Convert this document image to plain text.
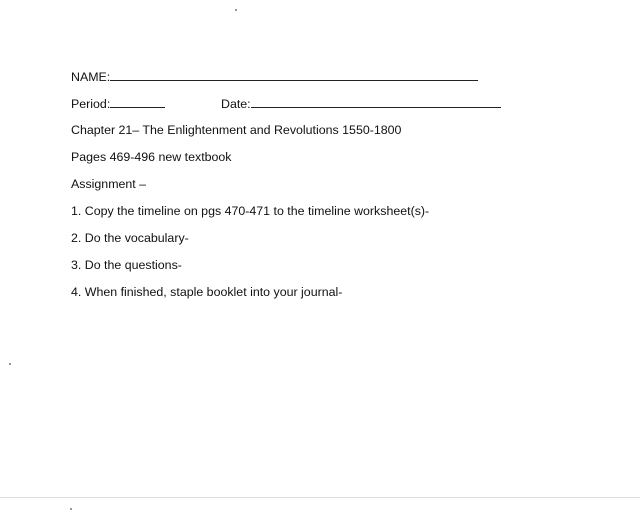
NAME:
Period:	Date:
Chapter 21– The Enlightenment and Revolutions 1550-1800
Pages 469-496 new textbook
Assignment –
1. Copy the timeline on pgs 470-471 to the timeline worksheet(s)-
2. Do the vocabulary-
3. Do the questions-
4. When finished, staple booklet into your journal-
